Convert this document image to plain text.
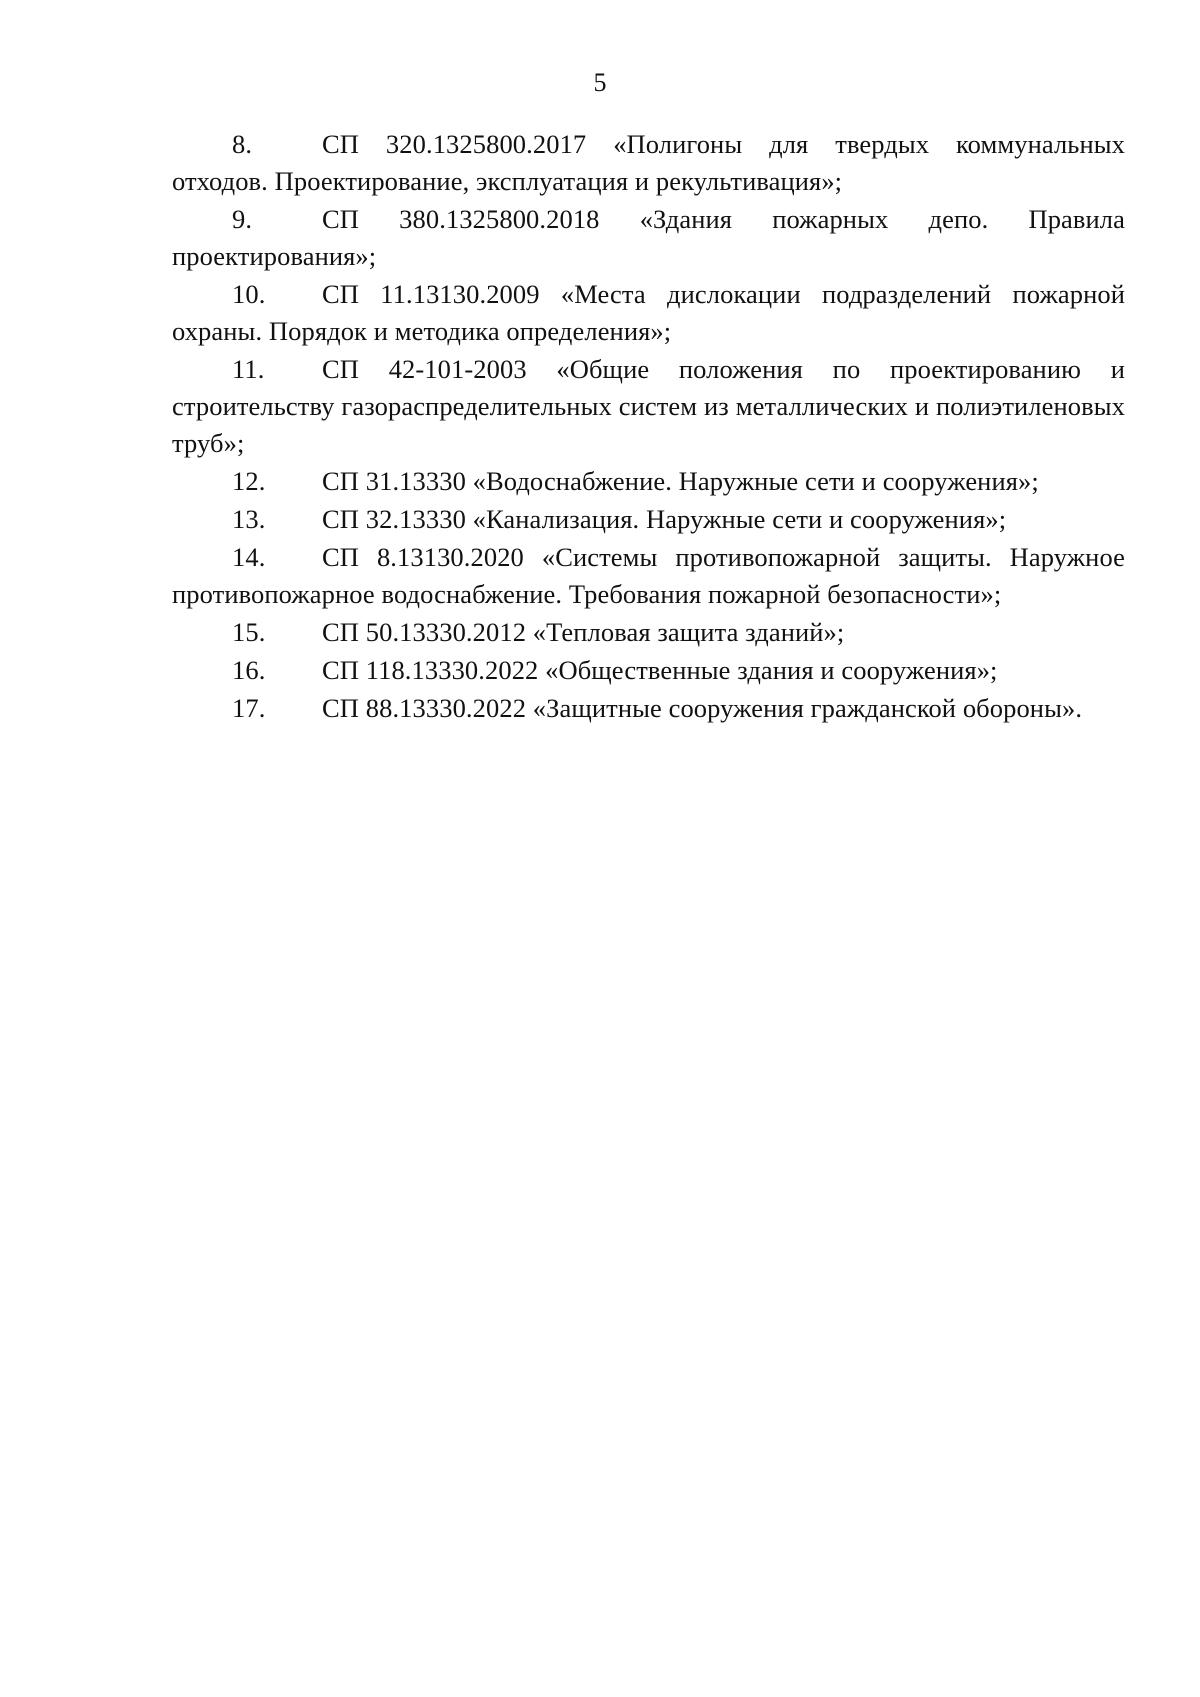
5

8.	СП 320.1325800.2017 «Полигоны для твердых коммунальных отходов. Проектирование, эксплуатация и рекультивация»;

9.	СП 380.1325800.2018 «Здания пожарных депо. Правила проектирования»;

10. СП 11.13130.2009 «Места дислокации подразделений пожарной охраны. Порядок и методика определения»;

11. СП 42-101-2003 «Общие положения по проектированию и строительству газораспределительных систем из металлических и полиэтиленовых труб»;

12. СП 31.13330 «Водоснабжение. Наружные сети и сооружения»;

13. СП 32.13330 «Канализация. Наружные сети и сооружения»;

14. СП 8.13130.2020 «Системы противопожарной защиты. Наружное противопожарное водоснабжение. Требования пожарной безопасности»;

15. СП 50.13330.2012 «Тепловая защита зданий»;

16. СП 118.13330.2022 «Общественные здания и сооружения»;

17. СП 88.13330.2022 «Защитные сооружения гражданской обороны».
